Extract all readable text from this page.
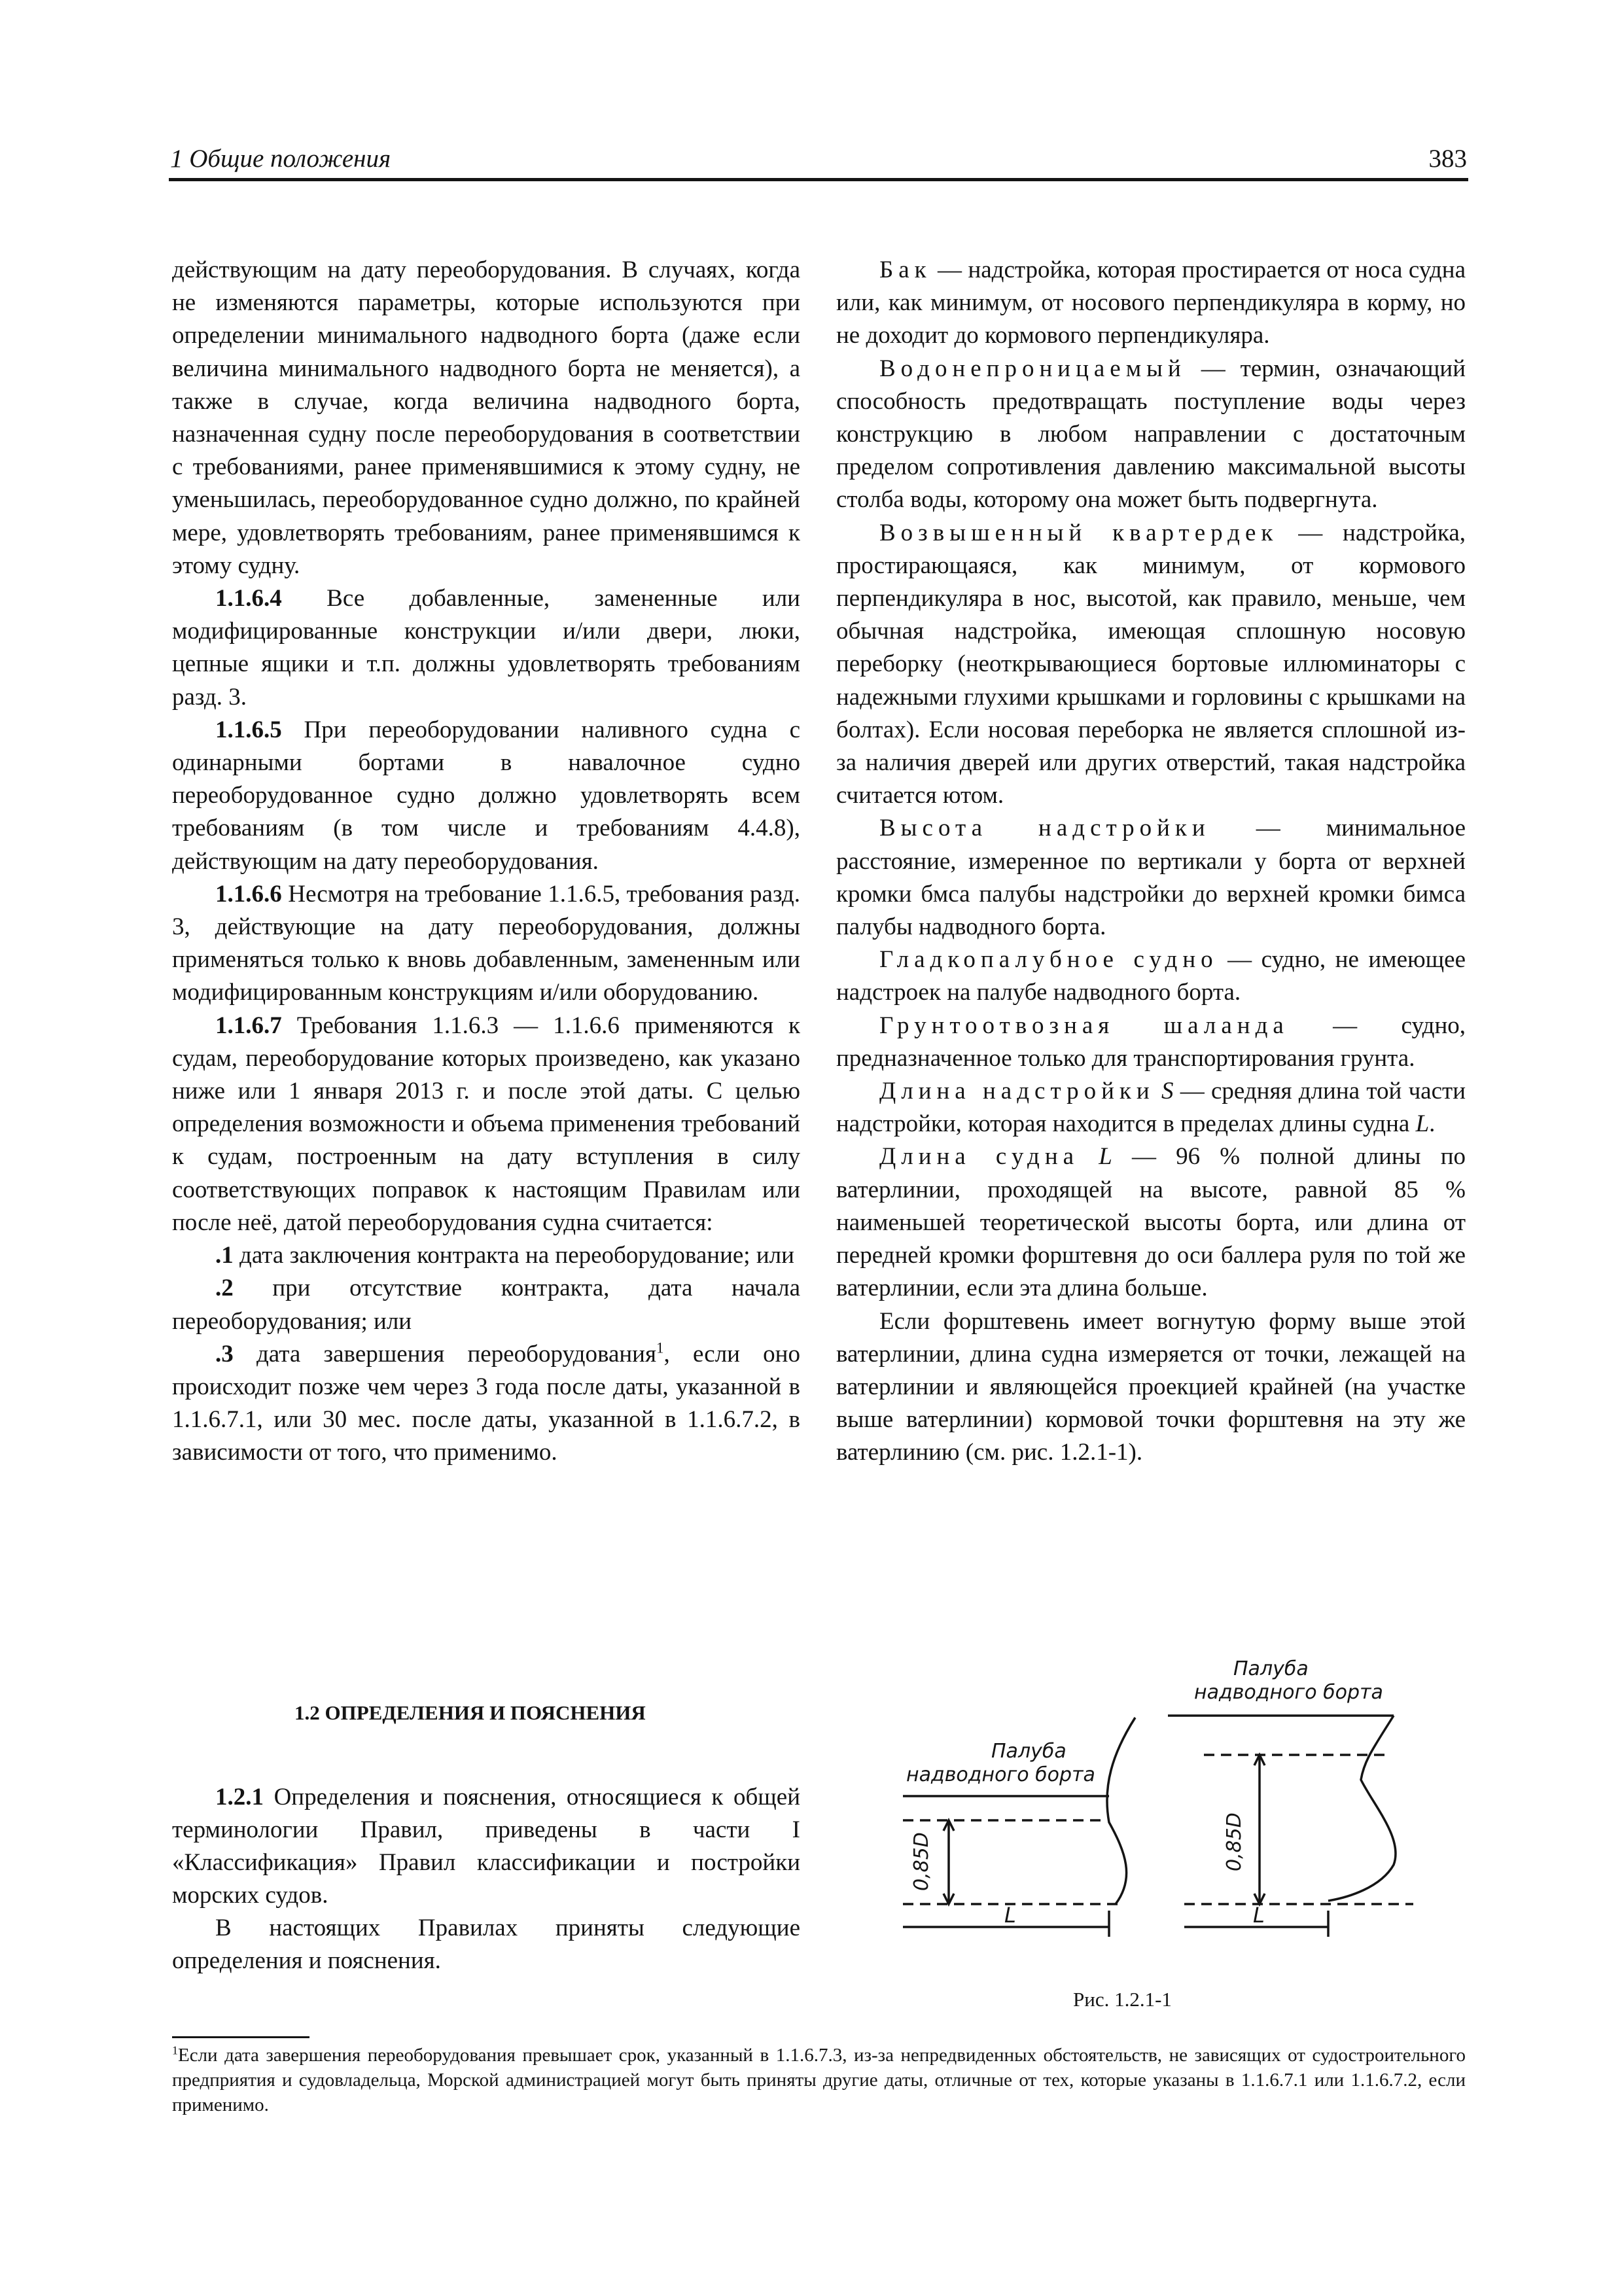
1 Общие положения	383

действующим на дату переоборудования. В случаях, когда не изменяются параметры, которые используются при определении минимального надводного борта (даже если величина минимального надводного борта не меняется), а также в случае, когда величина надводного борта, назначенная судну после переоборудования в соответствии с требованиями, ранее применявшимися к этому судну, не уменьшилась, переоборудованное судно должно, по крайней мере, удовлетворять требованиям, ранее применявшимся к этому судну.

1.1.6.4 Все добавленные, замененные или модифицированные конструкции и/или двери, люки, цепные ящики и т.п. должны удовлетворять требованиям разд. 3.

1.1.6.5 При переоборудовании наливного судна с одинарными бортами в навалочное судно переоборудованное судно должно удовлетворять всем требованиям (в том числе и требованиям 4.4.8), действующим на дату переоборудования.

1.1.6.6 Несмотря на требование 1.1.6.5, требования разд. 3, действующие на дату переоборудования, должны применяться только к вновь добавленным, замененным или модифицированным конструкциям и/или оборудованию.

1.1.6.7 Требования 1.1.6.3 — 1.1.6.6 применяются к судам, переоборудование которых произведено, как указано ниже или 1 января 2013 г. и после этой даты. С целью определения возможности и объема применения требований к судам, построенным на дату вступления в силу соответствующих поправок к настоящим Правилам или после неё, датой переоборудования судна считается:

.1 дата заключения контракта на переоборудование; или

.2 при отсутствие контракта, дата начала переоборудования; или

.3 дата завершения переоборудования$^1$, если оно происходит позже чем через 3 года после даты, указанной в 1.1.6.7.1, или 30 мес. после даты, указанной в 1.1.6.7.2, в зависимости от того, что применимо.

Бак — надстройка, которая простирается от носа судна или, как минимум, от носового перпендикуляра в корму, но не доходит до кормового перпендикуляра.

Водонепроницаемый — термин, означающий способность предотвращать поступление воды через конструкцию в любом направлении с достаточным пределом сопротивления давлению максимальной высоты столба воды, которому она может быть подвергнута.

Возвышенный квартердек — надстройка, простирающаяся, как минимум, от кормового перпендикуляра в нос, высотой, как правило, меньше, чем обычная надстройка, имеющая сплошную носовую переборку (неоткрывающиеся бортовые иллюминаторы с надежными глухими крышками и горловины с крышками на болтах). Если носовая переборка не является сплошной из-за наличия дверей или других отверстий, такая надстройка считается ютом.

Высота надстройки — минимальное расстояние, измеренное по вертикали у борта от верхней кромки бмса палубы надстройки до верхней кромки бимса палубы надводного борта.

Гладкопалубное судно — судно, не имеющее надстроек на палубе надводного борта.

Грунтоотвозная шаланда — судно, предназначенное только для транспортирования грунта.

Длина надстройки S — средняя длина той части надстройки, которая находится в пределах длины судна L.

Длина судна L — 96 % полной длины по ватерлинии, проходящей на высоте, равной 85 % наименьшей теоретической высоты борта, или длина от передней кромки форштевня до оси баллера руля по той же ватерлинии, если эта длина больше.

Если форштевень имеет вогнутую форму выше этой ватерлинии, длина судна измеряется от точки, лежащей на ватерлинии и являющейся проекцией крайней (на участке выше ватерлинии) кормовой точки форштевня на эту же ватерлинию (см. рис. 1.2.1-1).

1.2 ОПРЕДЕЛЕНИЯ И ПОЯСНЕНИЯ

1.2.1 Определения и пояснения, относящиеся к общей терминологии Правил, приведены в части I «Классификация» Правил классификации и постройки морских судов.

В настоящих Правилах приняты следующие определения и пояснения.

Палуба
надводного борта
Палуба
надводного борта
0,85D	0,85D
L	L
Рис. 1.2.1-1
$^1$Если дата завершения переоборудования превышает срок, указанный в 1.1.6.7.3, из-за непредвиденных обстоятельств, не зависящих от судостроительного предприятия и судовладельца, Морской администрацией могут быть приняты другие даты, отличные от тех, которые указаны в 1.1.6.7.1 или 1.1.6.7.2, если применимо.
